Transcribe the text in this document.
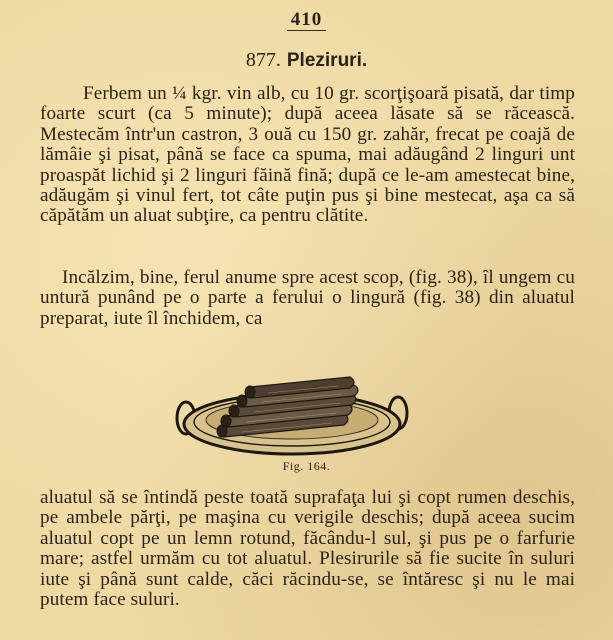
410
877. Pleziruri.

Ferbem un ¼ kgr. vin alb, cu 10 gr. scorţişoară pisată, dar timp foarte scurt (ca 5 minute); după aceea lăsate să se răcească. Mestecăm într'un castron, 3 ouă cu 150 gr. zahăr, frecat pe coajă de lămâie şi pisat, până se face ca spuma, mai adăugând 2 linguri unt proaspăt lichid şi 2 linguri făină fină; după ce le-am amestecat bine, adăugăm şi vinul fert, tot câte puţin pus şi bine mestecat, aşa ca să căpătăm un aluat subţire, ca pentru clătite.

Incălzim, bine, ferul anume spre acest scop, (fig. 38), îl ungem cu untură punând pe o parte a ferului o lingură (fig. 38) din aluatul preparat, iute îl închidem, ca

Fig. 164.

aluatul să se întindă peste toată suprafaţa lui şi copt rumen deschis, pe ambele părţi, pe maşina cu verigile deschis; după aceea sucim aluatul copt pe un lemn rotund, făcându-l sul, şi pus pe o farfurie mare; astfel urmăm cu tot aluatul. Plesirurile să fie sucite în suluri iute şi până sunt calde, căci răcindu-se, se întăresc şi nu le mai putem face suluri.
